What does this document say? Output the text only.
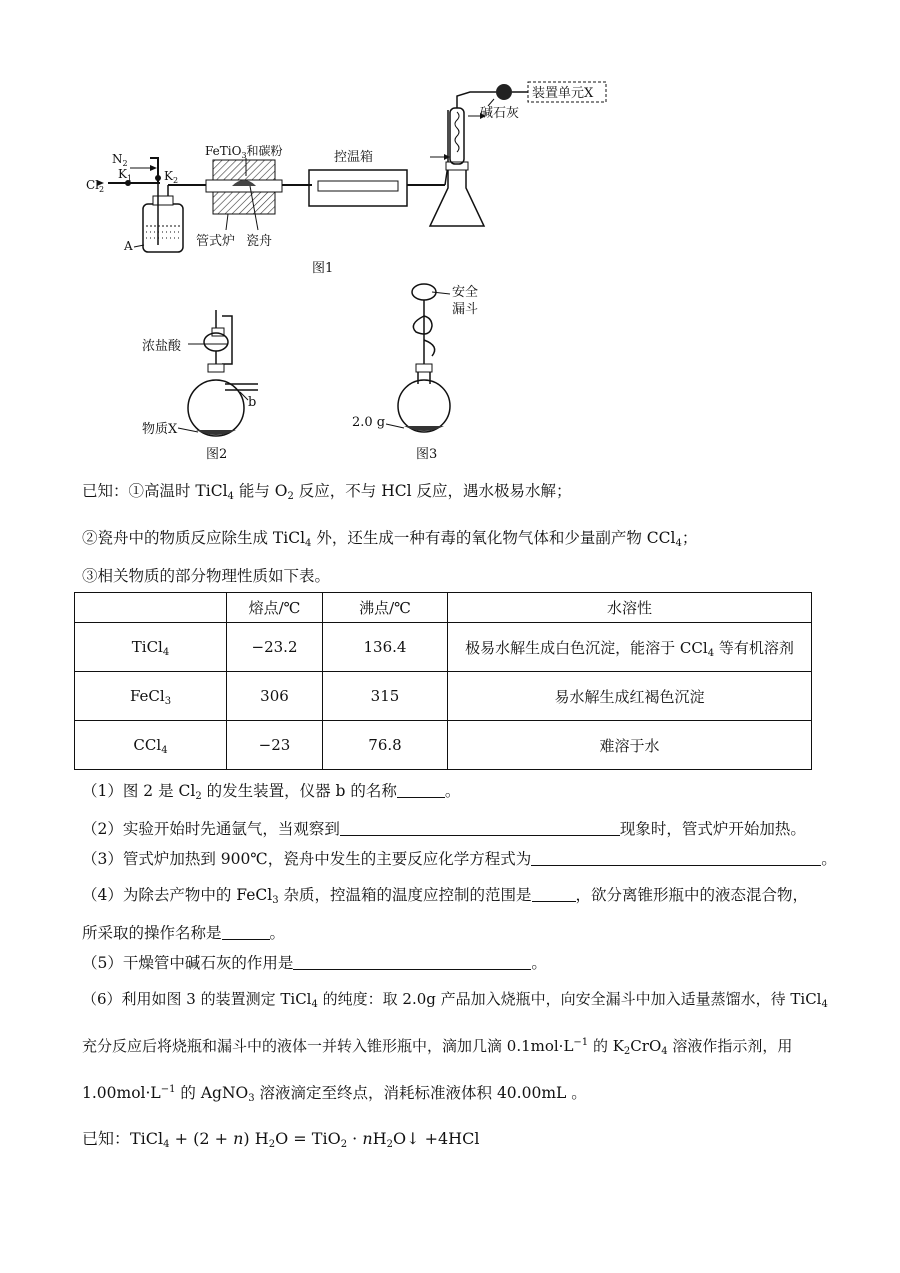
$N_2$
$Cl_2$
$K_1$	$K_2$
A
FeTiO$_3$和碳粉
管式炉 瓷舟
控温箱
碱石灰
装置单元X
图1
浓盐酸
b
物质X
图2
安全
漏斗
2.0 g
图3
已知：①高温时 TiCl$_4$ 能与 $O_2$ 反应，不与 HCl 反应，遇水极易水解；
②瓷舟中的物质反应除生成 TiCl$_4$ 外，还生成一种有毒的氧化物气体和少量副产物 CCl$_4$；
③相关物质的部分物理性质如下表。
	熔点/℃	沸点/℃	水溶性
TiCl$_4$	−23.2	136.4	极易水解生成白色沉淀，能溶于 CCl$_4$ 等有机溶剂
FeCl$_3$	306	315	易水解生成红褐色沉淀
CCl$_4$	−23	76.8	难溶于水
（1）图 2 是 $Cl_2$ 的发生装置，仪器 b 的名称	。
（2）实验开始时先通氩气，当观察到	现象时，管式炉开始加热。
（3）管式炉加热到 900℃，瓷舟中发生的主要反应化学方程式为	。
（4）为除去产物中的 FeCl$_3$ 杂质，控温箱的温度应控制的范围是	，欲分离锥形瓶中的液态混合物，
所采取的操作名称是	。
（5）干燥管中碱石灰的作用是	。
（6）利用如图 3 的装置测定 TiCl$_4$ 的纯度：取 2.0g 产品加入烧瓶中，向安全漏斗中加入适量蒸馏水，待 TiCl$_4$
充分反应后将烧瓶和漏斗中的液体一并转入锥形瓶中，滴加几滴 $0.1mol\cdot L^{-1}$ 的 $K_2CrO_4$ 溶液作指示剂，用
$1.00mol\cdot L^{-1}$ 的 AgNO$_3$ 溶液滴定至终点，消耗标准液体积 40.00mL 。
已知：TiCl$_4$ + (2 + n) $H_2O = TiO_2$ · $nH_2O↓ +4HCl$
